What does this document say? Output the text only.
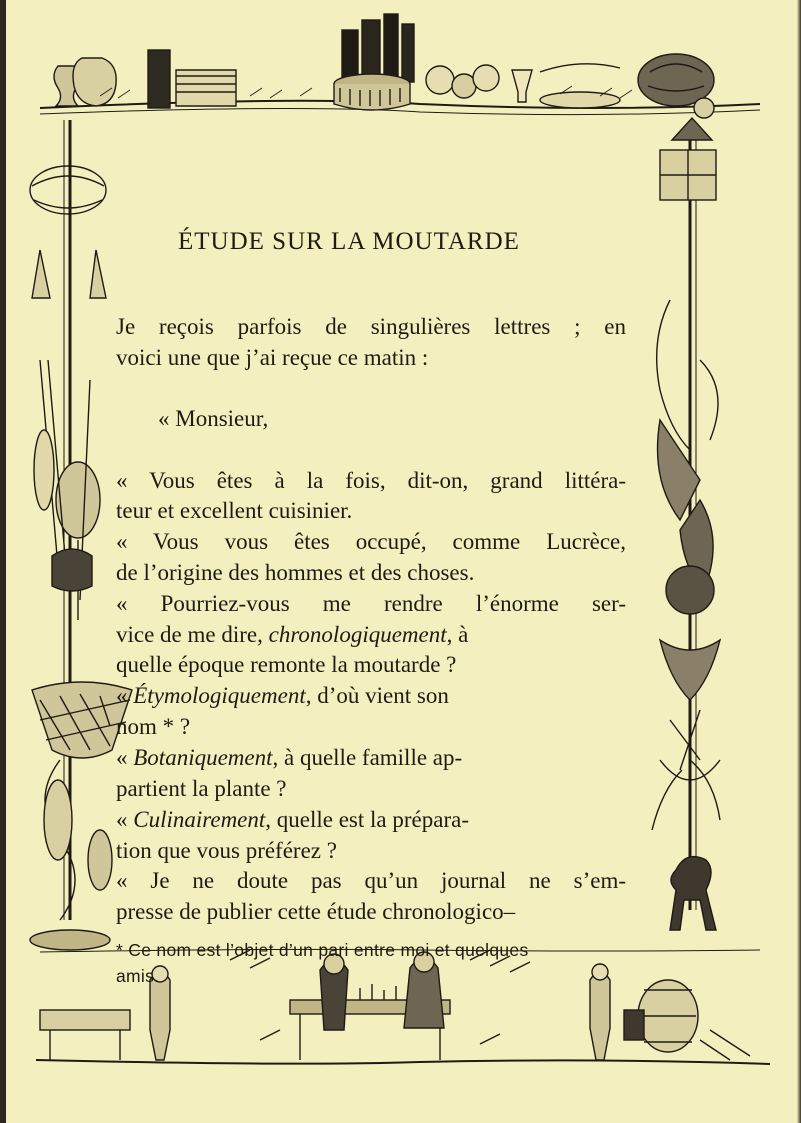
ÉTUDE SUR LA MOUTARDE

Je reçois parfois de singulières lettres ; en

voici une que j’ai reçue ce matin :

« Monsieur,

« Vous êtes à la fois, dit-on, grand littéra-

teur et excellent cuisinier.

« Vous vous êtes occupé, comme Lucrèce,

de l’origine des hommes et des choses.

« Pourriez-vous me rendre l’énorme ser-

vice de me dire, chronologiquement, à

quelle époque remonte la moutarde ?

« Étymologiquement, d’où vient son

nom * ?

« Botaniquement, à quelle famille ap-

partient la plante ?

« Culinairement, quelle est la prépara-

tion que vous préférez ?

« Je ne doute pas qu’un journal ne s’em-

presse de publier cette étude chronologico–

* Ce nom est l’objet d’un pari entre moi et quelques

amis.
